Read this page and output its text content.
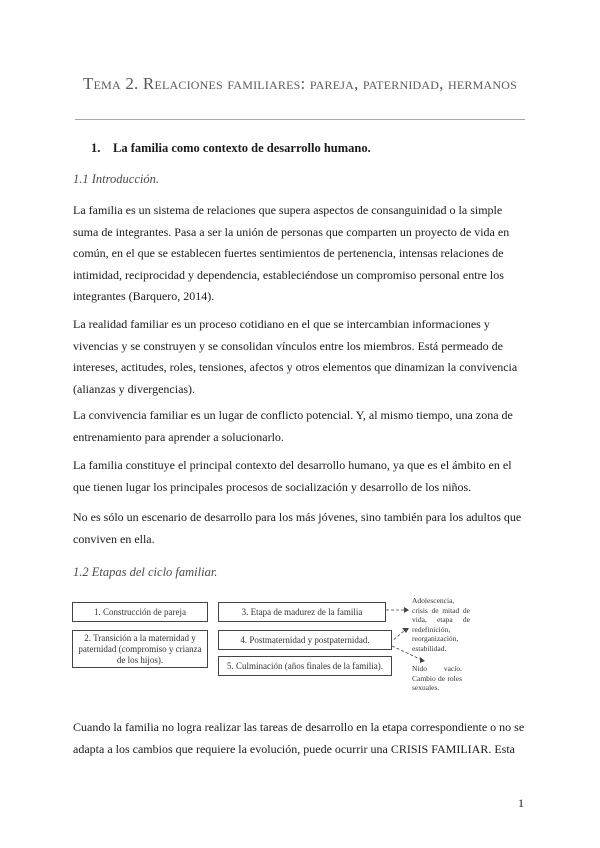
Tema 2. Relaciones familiares: pareja, paternidad, hermanos
1. La familia como contexto de desarrollo humano.
1.1 Introducción.
La familia es un sistema de relaciones que supera aspectos de consanguinidad o la simple
suma de integrantes. Pasa a ser la unión de personas que comparten un proyecto de vida en
común, en el que se establecen fuertes sentimientos de pertenencia, intensas relaciones de
intimidad, reciprocidad y dependencia, estableciéndose un compromiso personal entre los
integrantes (Barquero, 2014).
La realidad familiar es un proceso cotidiano en el que se intercambian informaciones y
vivencias y se construyen y se consolidan vínculos entre los miembros. Está permeado de
intereses, actitudes, roles, tensiones, afectos y otros elementos que dinamizan la convivencia
(alianzas y divergencias).
La convivencia familiar es un lugar de conflicto potencial. Y, al mismo tiempo, una zona de
entrenamiento para aprender a solucionarlo.
La familia constituye el principal contexto del desarrollo humano, ya que es el ámbito en el
que tienen lugar los principales procesos de socialización y desarrollo de los niños.
No es sólo un escenario de desarrollo para los más jóvenes, sino también para los adultos que
conviven en ella.
1.2 Etapas del ciclo familiar.
1. Construcción de pareja
2. Transición a la maternidad y paternidad (compromiso y crianza de los hijos).
3. Etapa de madurez de la familia
4. Postmaternidad y postpaternidad.
5. Culminación (años finales de la familia).
Adolescencia, crisis de mitad de vida, etapa de redefinición, reorganización, estabilidad.
Nido vacío. Cambio de roles sexuales.
Cuando la familia no logra realizar las tareas de desarrollo en la etapa correspondiente o no se
adapta a los cambios que requiere la evolución, puede ocurrir una CRISIS FAMILIAR. Esta
1
